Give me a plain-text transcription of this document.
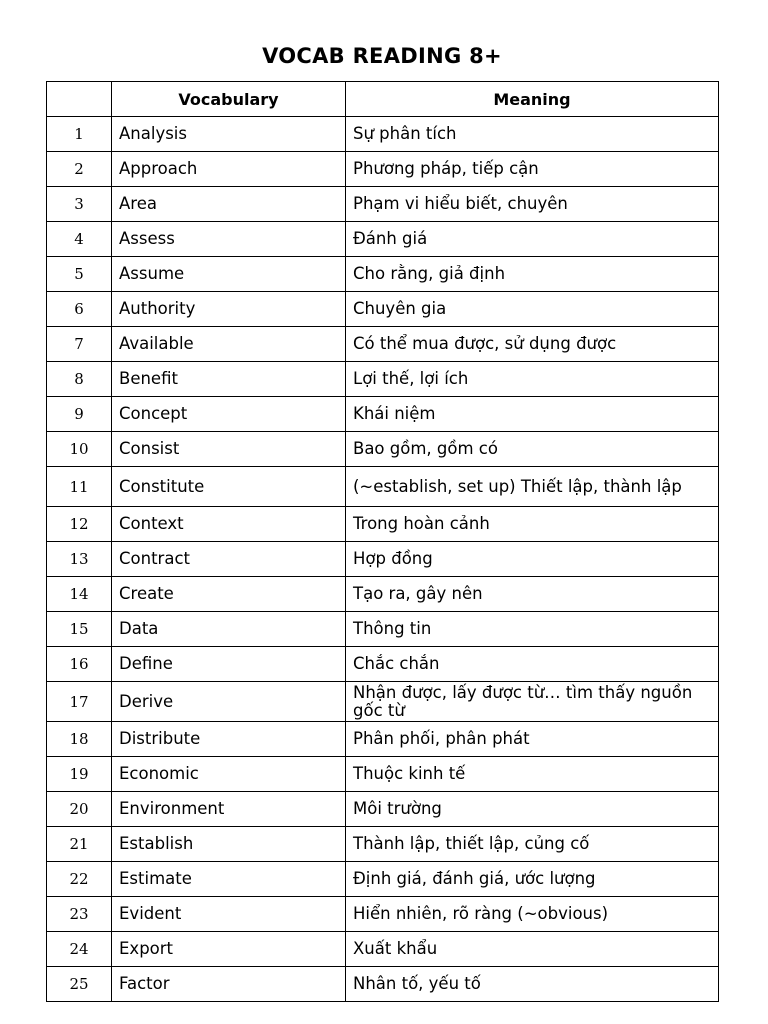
VOCAB READING 8+
	Vocabulary	Meaning
1	Analysis	Sự phân tích
2	Approach	Phương pháp, tiếp cận
3	Area	Phạm vi hiểu biết, chuyên
4	Assess	Đánh giá
5	Assume	Cho rằng, giả định
6	Authority	Chuyên gia
7	Available	Có thể mua được, sử dụng được
8	Benefit	Lợi thế, lợi ích
9	Concept	Khái niệm
10	Consist	Bao gồm, gồm có
11	Constitute	(~establish, set up) Thiết lập, thành lập
12	Context	Trong hoàn cảnh
13	Contract	Hợp đồng
14	Create	Tạo ra, gây nên
15	Data	Thông tin
16	Define	Chắc chắn
17	Derive	Nhận được, lấy được từ… tìm thấy nguồn gốc từ
18	Distribute	Phân phối, phân phát
19	Economic	Thuộc kinh tế
20	Environment	Môi trường
21	Establish	Thành lập, thiết lập, củng cố
22	Estimate	Định giá, đánh giá, ước lượng
23	Evident	Hiển nhiên, rõ ràng (~obvious)
24	Export	Xuất khẩu
25	Factor	Nhân tố, yếu tố
